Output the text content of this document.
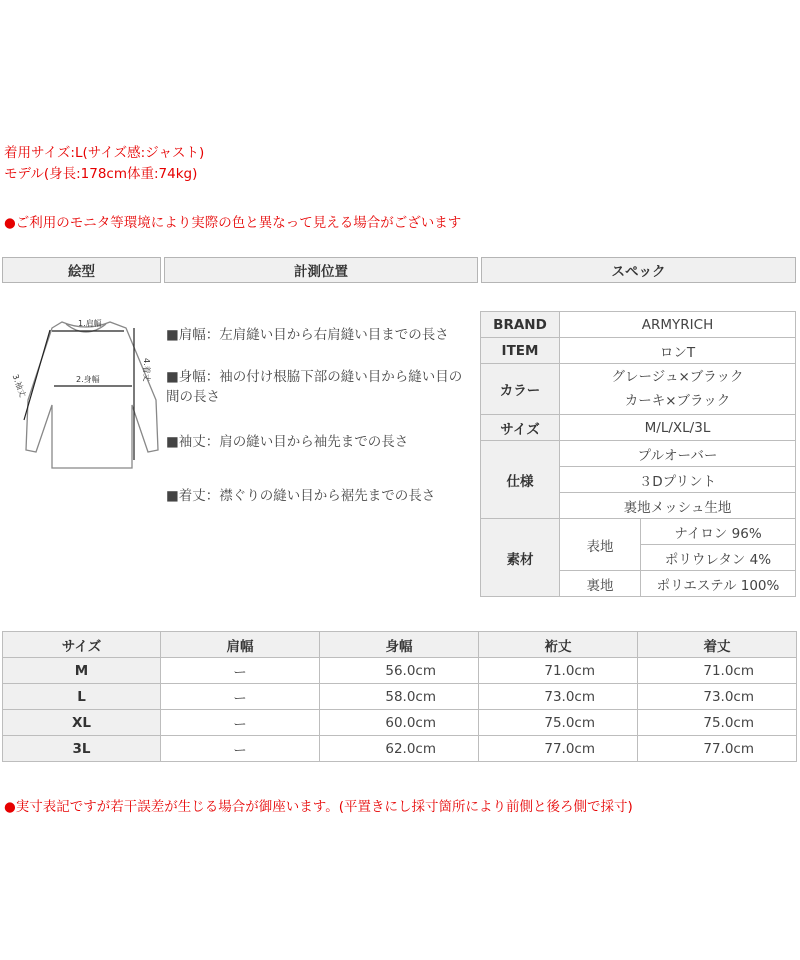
着用サイズ:L(サイズ感:ジャスト)
モデル(身長:178cm体重:74kg)
●ご利用のモニタ等環境により実際の色と異なって見える場合がございます
絵型	計測位置	スペック
1.肩幅
2.身幅
3.袖丈
4.着丈

■肩幅：左肩縫い目から右肩縫い目までの長さ

■身幅：袖の付け根脇下部の縫い目から縫い目の間の長さ

■袖丈：肩の縫い目から袖先までの長さ

■着丈：襟ぐりの縫い目から裾先までの長さ

BRAND	ARMYRICH	
ITEM	ロンT	
カラー	グレージュ×ブラック
カーキ×ブラック	

サイズ	M/L/XL/3L	
仕様	プルオーバー	
	３Dプリント	
	裏地メッシュ生地	
素材	表地	ナイロン 96%
		ポリウレタン 4%
	裏地	ポリエステル 100%
サイズ	肩幅	身幅	裄丈	着丈
M	ー	56.0cm	71.0cm	71.0cm
L	ー	58.0cm	73.0cm	73.0cm
XL	ー	60.0cm	75.0cm	75.0cm
3L	ー	62.0cm	77.0cm	77.0cm
●実寸表記ですが若干誤差が生じる場合が御座います。(平置きにし採寸箇所により前側と後ろ側で採寸)
